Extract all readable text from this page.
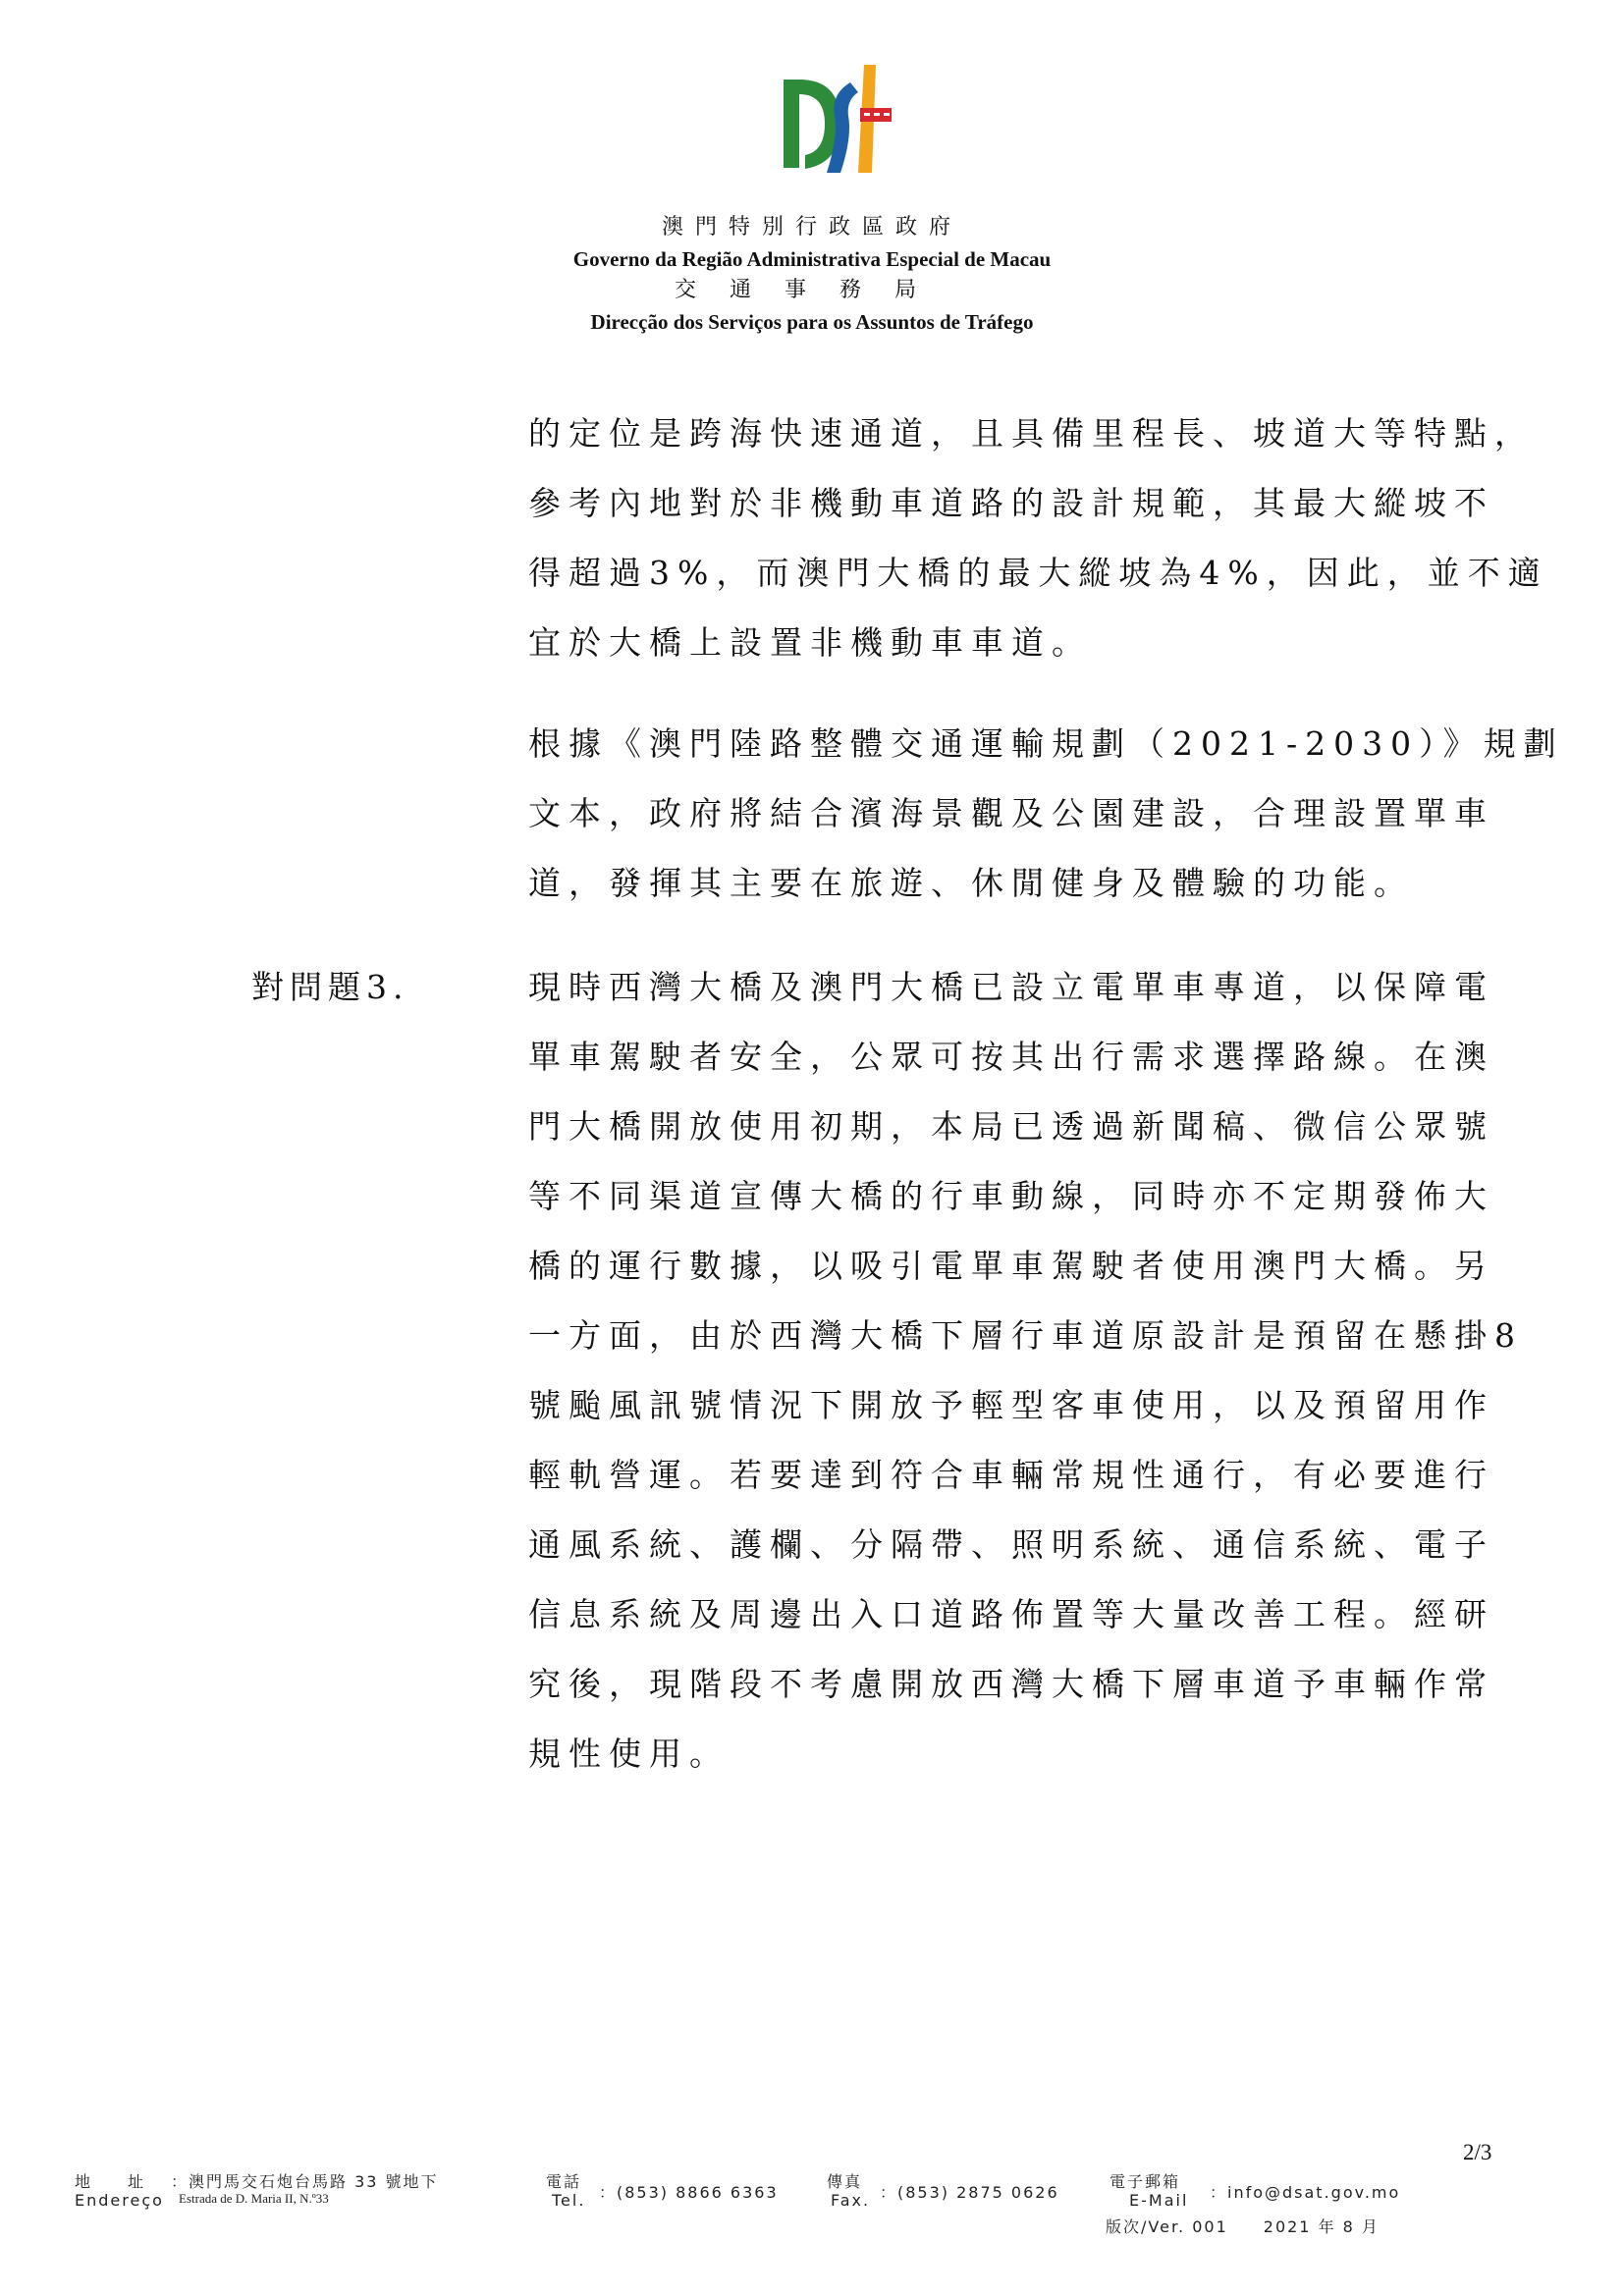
澳門特別行政區政府

Governo da Região Administrativa Especial de Macau

交通事務局

Direcção dos Serviços para os Assuntos de Tráfego

的定位是跨海快速通道，且具備里程長、坡道大等特點，

參考內地對於非機動車道路的設計規範，其最大縱坡不

得超過3%，而澳門大橋的最大縱坡為4%，因此，並不適

宜於大橋上設置非機動車車道。

根據《澳門陸路整體交通運輸規劃（2021-2030）》規劃

文本，政府將結合濱海景觀及公園建設，合理設置單車

道，發揮其主要在旅遊、休閒健身及體驗的功能。

對問題3.	現時西灣大橋及澳門大橋已設立電單車專道，以保障電

單車駕駛者安全，公眾可按其出行需求選擇路線。在澳

門大橋開放使用初期，本局已透過新聞稿、微信公眾號

等不同渠道宣傳大橋的行車動線，同時亦不定期發佈大

橋的運行數據，以吸引電單車駕駛者使用澳門大橋。另

一方面，由於西灣大橋下層行車道原設計是預留在懸掛8

號颱風訊號情況下開放予輕型客車使用，以及預留用作

輕軌營運。若要達到符合車輛常規性通行，有必要進行

通風系統、護欄、分隔帶、照明系統、通信系統、電子

信息系統及周邊出入口道路佈置等大量改善工程。經研

究後，現階段不考慮開放西灣大橋下層車道予車輛作常

規性使用。

2/3
地　　址 ：澳門馬交石炮台馬路 33 號地下
Endereço Estrada de D. Maria II, N.º33
電話
Tel. ：(853) 8866 6363
傳真
Fax. ：(853) 2875 0626
電子郵箱
E-Mail ：info@dsat.gov.mo
版次/Ver. 001　　2021 年 8 月
